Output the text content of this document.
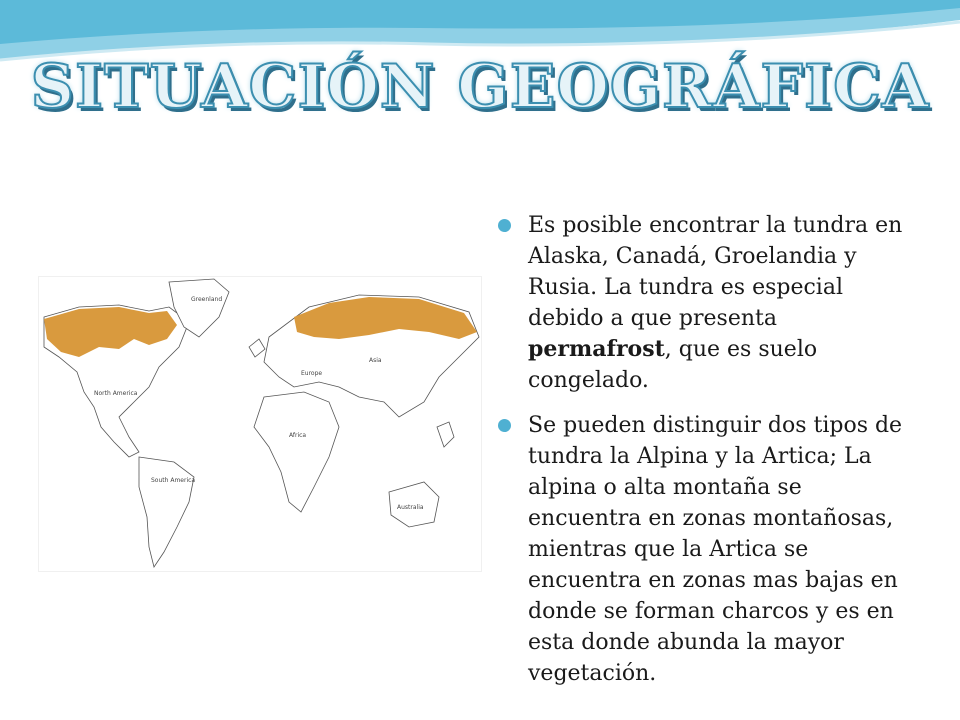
SITUACIÓN GEOGRÁFICA
North America
South America
Europe
Asia
Africa
Australia
Greenland

Es posible encontrar la tundra en Alaska, Canadá, Groelandia y Rusia. La tundra es especial debido a que presenta permafrost, que es suelo congelado.

Se pueden distinguir dos tipos de tundra la Alpina y la Artica; La alpina o alta montaña se encuentra en zonas montañosas, mientras que la Artica se encuentra en zonas mas bajas en donde se forman charcos y es en esta donde abunda la mayor vegetación.
